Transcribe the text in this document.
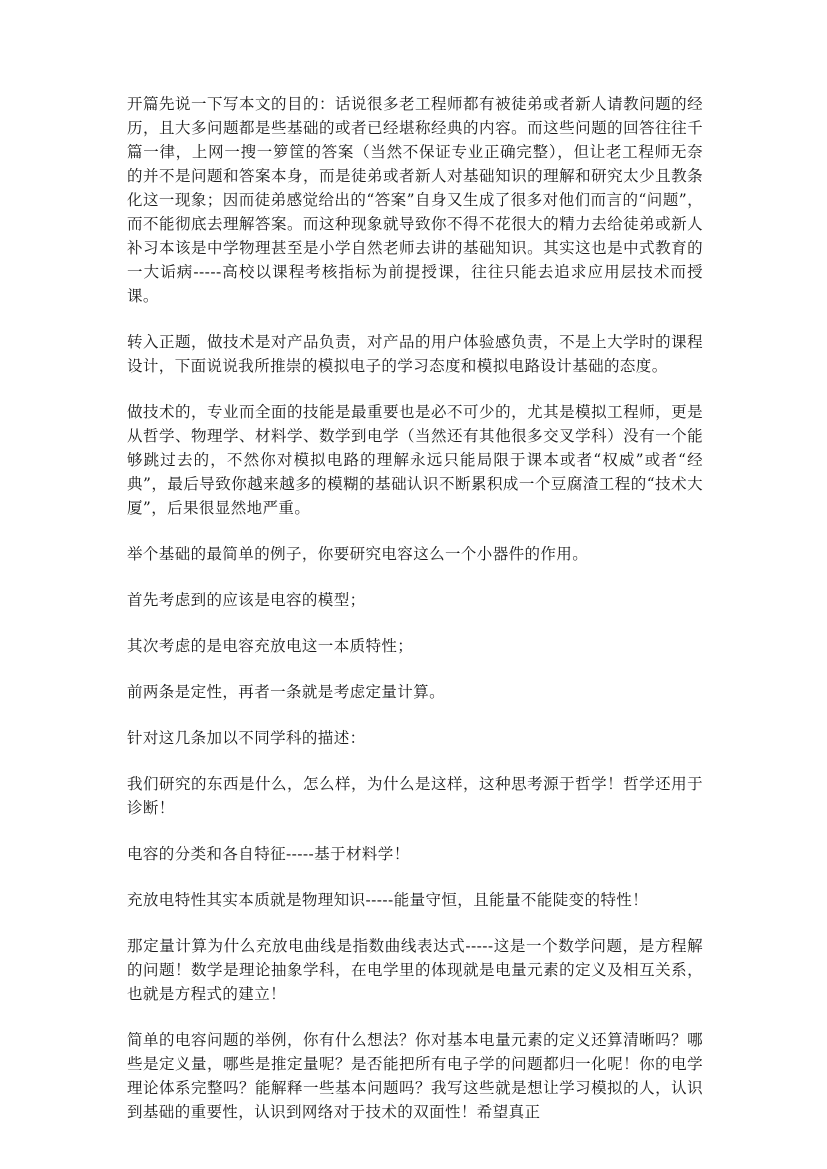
开篇先说一下写本文的目的：话说很多老工程师都有被徒弟或者新人请教问题的经历，且大多问题都是些基础的或者已经堪称经典的内容。而这些问题的回答往往千篇一律，上网一搜一箩筐的答案（当然不保证专业正确完整），但让老工程师无奈的并不是问题和答案本身，而是徒弟或者新人对基础知识的理解和研究太少且教条化这一现象；因而徒弟感觉给出的“答案”自身又生成了很多对他们而言的“问题”，而不能彻底去理解答案。而这种现象就导致你不得不花很大的精力去给徒弟或新人补习本该是中学物理甚至是小学自然老师去讲的基础知识。其实这也是中式教育的一大诟病-----高校以课程考核指标为前提授课，往往只能去追求应用层技术而授课。

转入正题，做技术是对产品负责，对产品的用户体验感负责，不是上大学时的课程设计，下面说说我所推崇的模拟电子的学习态度和模拟电路设计基础的态度。

做技术的，专业而全面的技能是最重要也是必不可少的，尤其是模拟工程师，更是从哲学、物理学、材料学、数学到电学（当然还有其他很多交叉学科）没有一个能够跳过去的，不然你对模拟电路的理解永远只能局限于课本或者“权威”或者“经典”，最后导致你越来越多的模糊的基础认识不断累积成一个豆腐渣工程的“技术大厦”，后果很显然地严重。

举个基础的最简单的例子，你要研究电容这么一个小器件的作用。

首先考虑到的应该是电容的模型；

其次考虑的是电容充放电这一本质特性；

前两条是定性，再者一条就是考虑定量计算。

针对这几条加以不同学科的描述：

我们研究的东西是什么，怎么样，为什么是这样，这种思考源于哲学！哲学还用于诊断！

电容的分类和各自特征-----基于材料学！

充放电特性其实本质就是物理知识-----能量守恒，且能量不能陡变的特性！

那定量计算为什么充放电曲线是指数曲线表达式-----这是一个数学问题，是方程解的问题！数学是理论抽象学科，在电学里的体现就是电量元素的定义及相互关系，也就是方程式的建立！

简单的电容问题的举例，你有什么想法？你对基本电量元素的定义还算清晰吗？哪些是定义量，哪些是推定量呢？是否能把所有电子学的问题都归一化呢！你的电学理论体系完整吗？能解释一些基本问题吗？我写这些就是想让学习模拟的人，认识到基础的重要性，认识到网络对于技术的双面性！希望真正
